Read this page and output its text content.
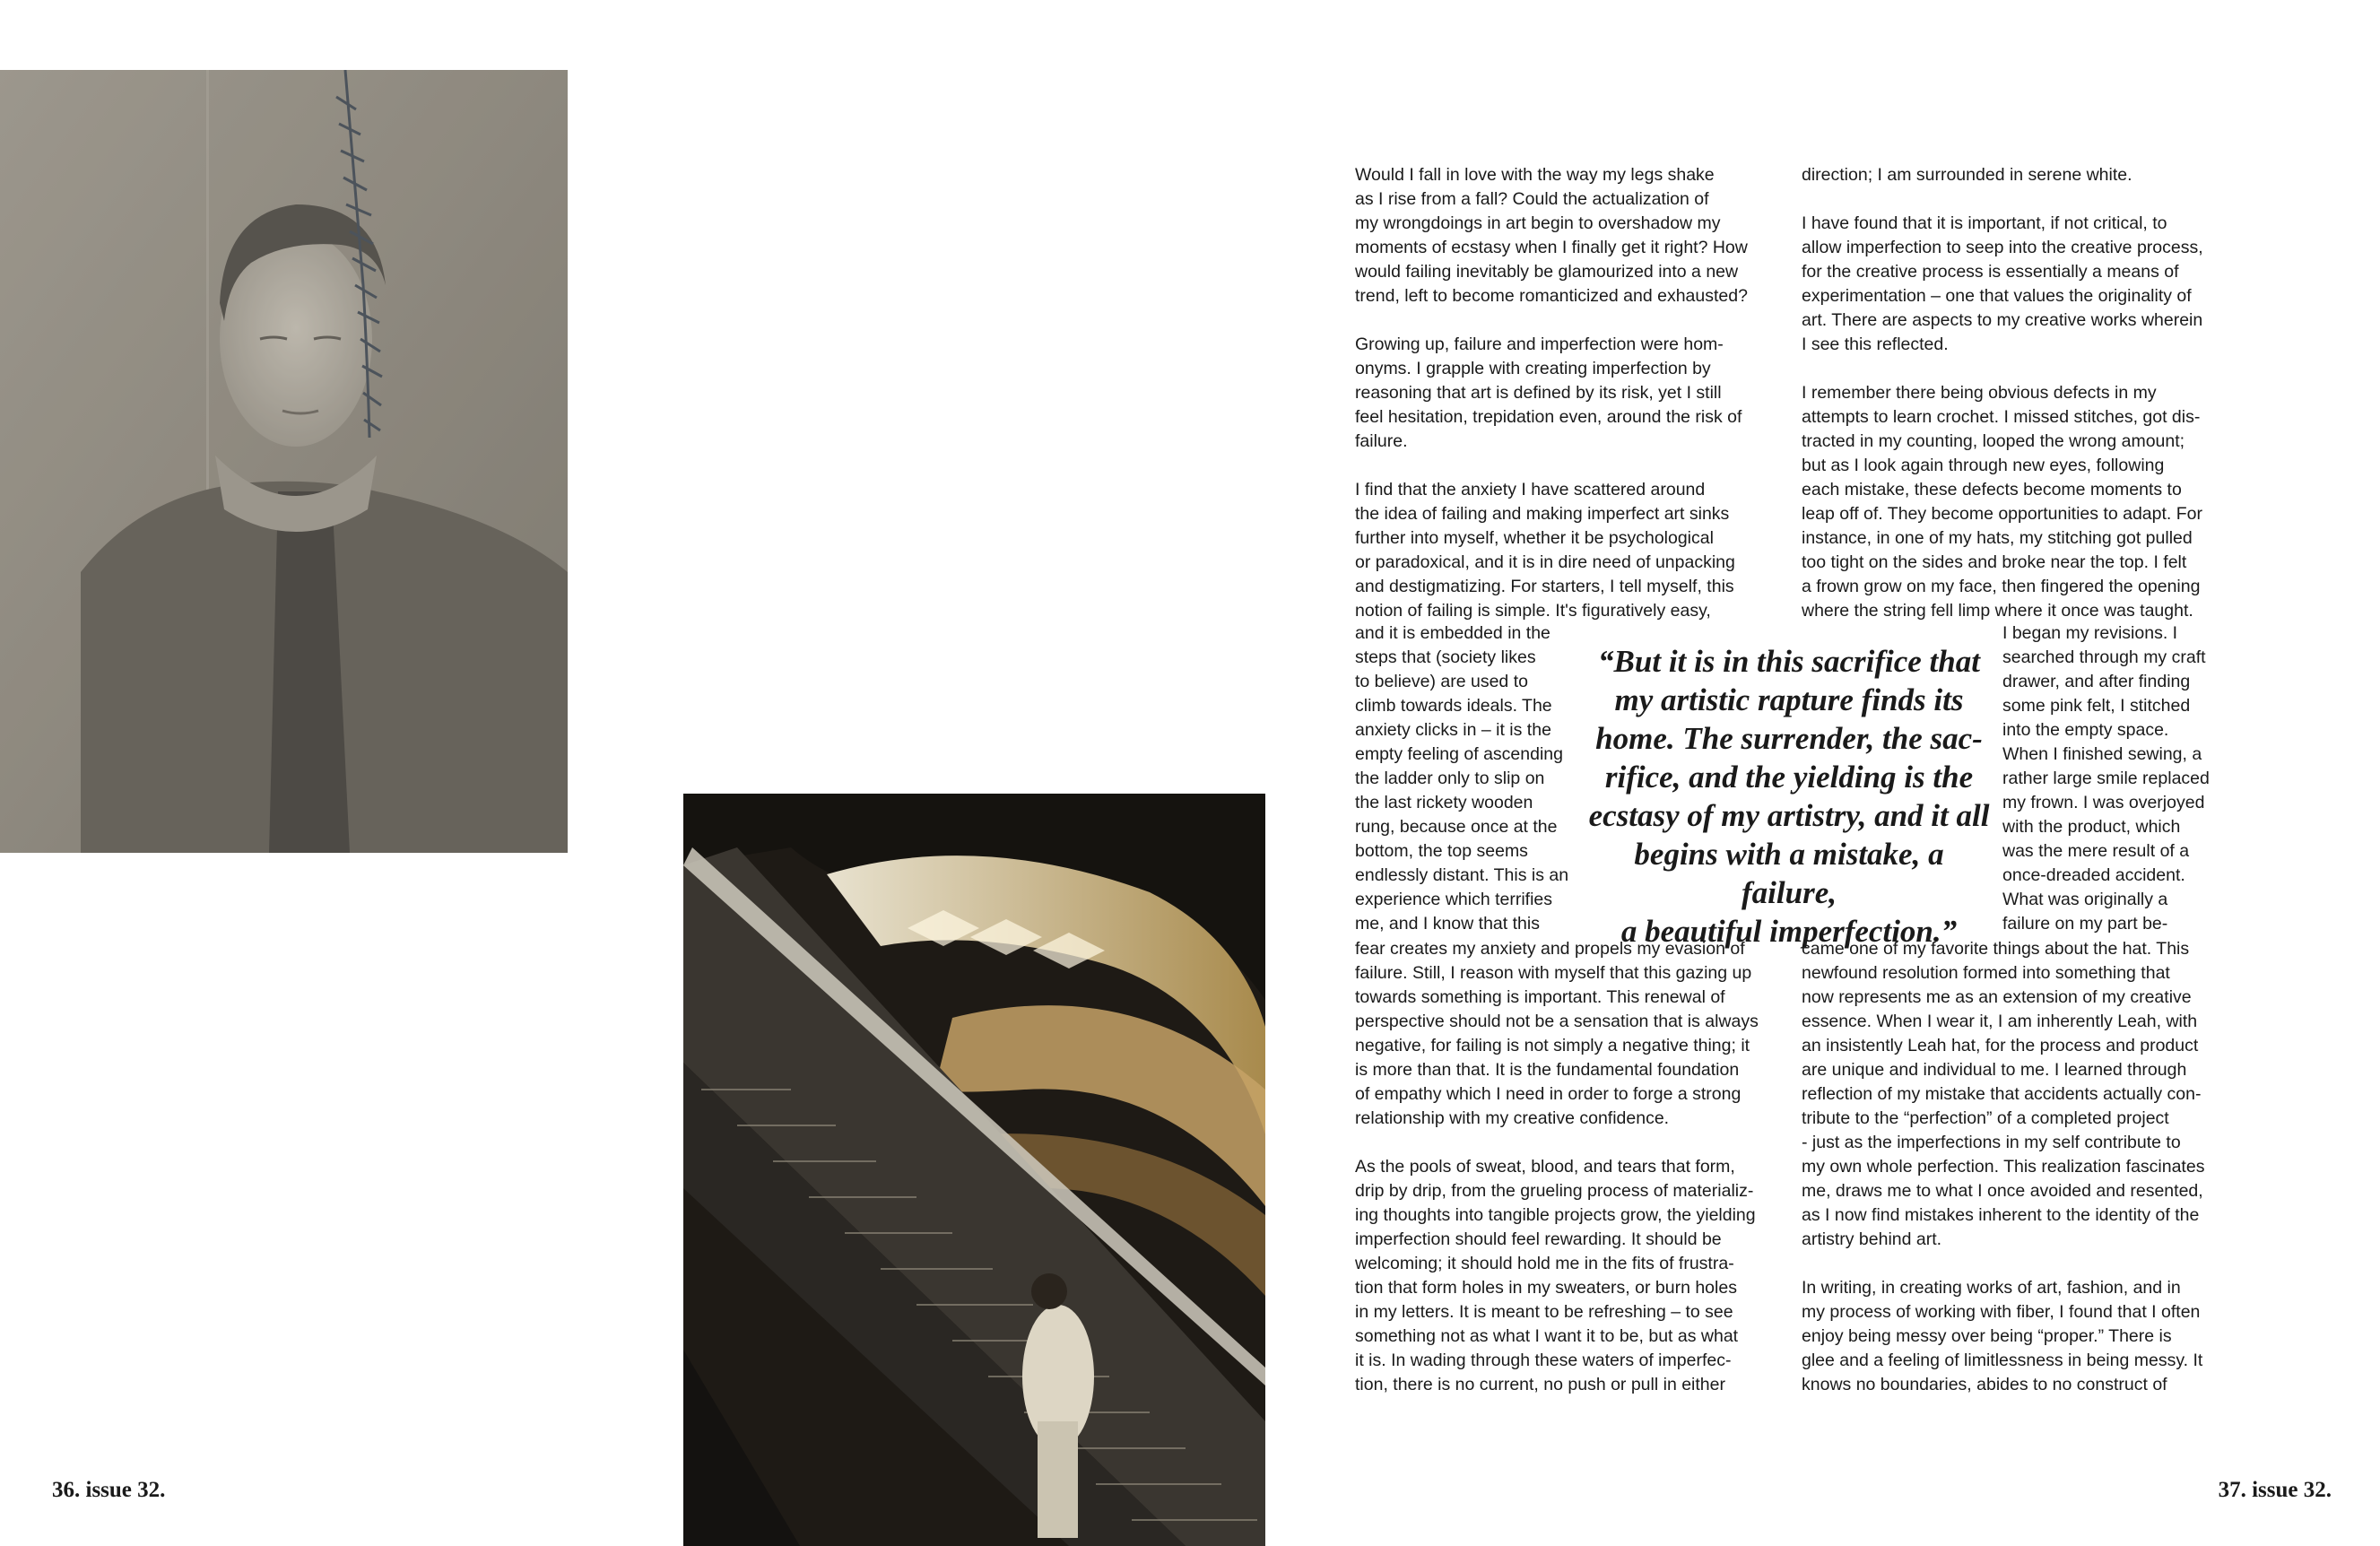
Would I fall in love with the way my legs shake
as I rise from a fall? Could the actualization of
my wrongdoings in art begin to overshadow my
moments of ecstasy when I finally get it right? How
would failing inevitably be glamourized into a new
trend, left to become romanticized and exhausted?

Growing up, failure and imperfection were hom-
onyms. I grapple with creating imperfection by
reasoning that art is defined by its risk, yet I still
feel hesitation, trepidation even, around the risk of
failure.

I find that the anxiety I have scattered around
the idea of failing and making imperfect art sinks
further into myself, whether it be psychological
or paradoxical, and it is in dire need of unpacking
and destigmatizing. For starters, I tell myself, this
notion of failing is simple. It's figuratively easy,

direction; I am surrounded in serene white.

I have found that it is important, if not critical, to
allow imperfection to seep into the creative process,
for the creative process is essentially a means of
experimentation – one that values the originality of
art. There are aspects to my creative works wherein
I see this reflected.

I remember there being obvious defects in my
attempts to learn crochet. I missed stitches, got dis-
tracted in my counting, looped the wrong amount;
but as I look again through new eyes, following
each mistake, these defects become moments to
leap off of. They become opportunities to adapt. For
instance, in one of my hats, my stitching got pulled
too tight on the sides and broke near the top. I felt
a frown grow on my face, then fingered the opening
where the string fell limp where it once was taught.

and it is embedded in the
steps that (society likes
to believe) are used to
climb towards ideals. The
anxiety clicks in – it is the
empty feeling of ascending
the ladder only to slip on
the last rickety wooden
rung, because once at the
bottom, the top seems
endlessly distant. This is an
experience which terrifies
me, and I know that this

I began my revisions. I
searched through my craft
drawer, and after finding
some pink felt, I stitched
into the empty space.
When I finished sewing, a
rather large smile replaced
my frown. I was overjoyed
with the product, which
was the mere result of a
once-dreaded accident.
What was originally a
failure on my part be-

“But it is in this sacrifice that
my artistic rapture finds its
home. The surrender, the sac-
rifice, and the yielding is the
ecstasy of my artistry, and it all
begins with a mistake, a failure,
a beautiful imperfection.”

fear creates my anxiety and propels my evasion of
failure. Still, I reason with myself that this gazing up
towards something is important. This renewal of
perspective should not be a sensation that is always
negative, for failing is not simply a negative thing; it
is more than that. It is the fundamental foundation
of empathy which I need in order to forge a strong
relationship with my creative confidence.

As the pools of sweat, blood, and tears that form,
drip by drip, from the grueling process of materializ-
ing thoughts into tangible projects grow, the yielding
imperfection should feel rewarding. It should be
welcoming; it should hold me in the fits of frustra-
tion that form holes in my sweaters, or burn holes
in my letters. It is meant to be refreshing – to see
something not as what I want it to be, but as what
it is. In wading through these waters of imperfec-
tion, there is no current, no push or pull in either

came one of my favorite things about the hat. This
newfound resolution formed into something that
now represents me as an extension of my creative
essence. When I wear it, I am inherently Leah, with
an insistently Leah hat, for the process and product
are unique and individual to me. I learned through
reflection of my mistake that accidents actually con-
tribute to the “perfection” of a completed project
- just as the imperfections in my self contribute to
my own whole perfection. This realization fascinates
me, draws me to what I once avoided and resented,
as I now find mistakes inherent to the identity of the
artistry behind art.

In writing, in creating works of art, fashion, and in
my process of working with fiber, I found that I often
enjoy being messy over being “proper.” There is
glee and a feeling of limitlessness in being messy. It
knows no boundaries, abides to no construct of

36. issue 32.	37. issue 32.
